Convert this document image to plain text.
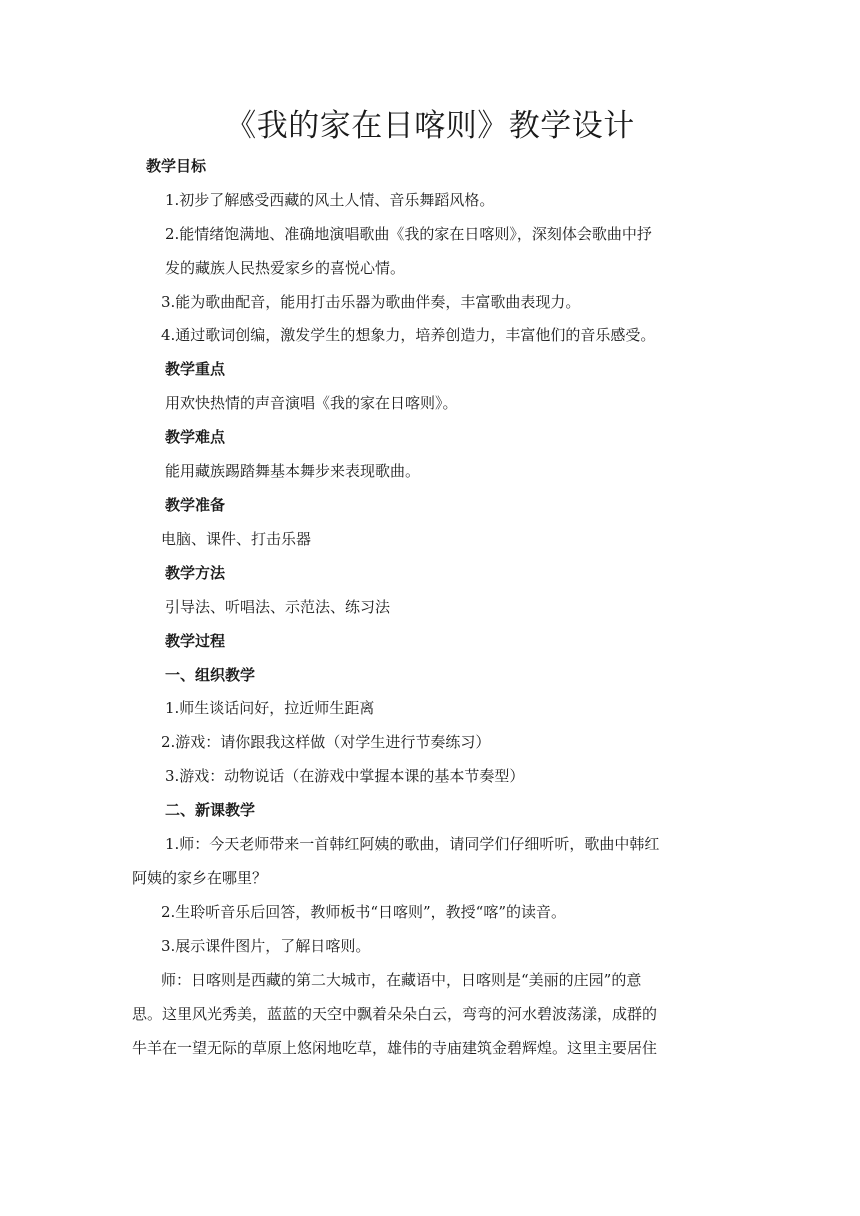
《我的家在日喀则》教学设计

教学目标

1.初步了解感受西藏的风土人情、音乐舞蹈风格。

2.能情绪饱满地、准确地演唱歌曲《我的家在日喀则》，深刻体会歌曲中抒

发的藏族人民热爱家乡的喜悦心情。

3.能为歌曲配音，能用打击乐器为歌曲伴奏，丰富歌曲表现力。

4.通过歌词创编，激发学生的想象力，培养创造力，丰富他们的音乐感受。

教学重点

用欢快热情的声音演唱《我的家在日喀则》。

教学难点

能用藏族踢踏舞基本舞步来表现歌曲。

教学准备

电脑、课件、打击乐器

教学方法

引导法、听唱法、示范法、练习法

教学过程

一、组织教学

1.师生谈话问好，拉近师生距离

2.游戏：请你跟我这样做（对学生进行节奏练习）

3.游戏：动物说话（在游戏中掌握本课的基本节奏型）

二、新课教学

1.师：今天老师带来一首韩红阿姨的歌曲，请同学们仔细听听，歌曲中韩红

阿姨的家乡在哪里？

2.生聆听音乐后回答，教师板书“日喀则”，教授“喀”的读音。

3.展示课件图片，了解日喀则。

师：日喀则是西藏的第二大城市，在藏语中，日喀则是“美丽的庄园”的意

思。这里风光秀美，蓝蓝的天空中飘着朵朵白云，弯弯的河水碧波荡漾，成群的

牛羊在一望无际的草原上悠闲地吃草，雄伟的寺庙建筑金碧辉煌。这里主要居住
